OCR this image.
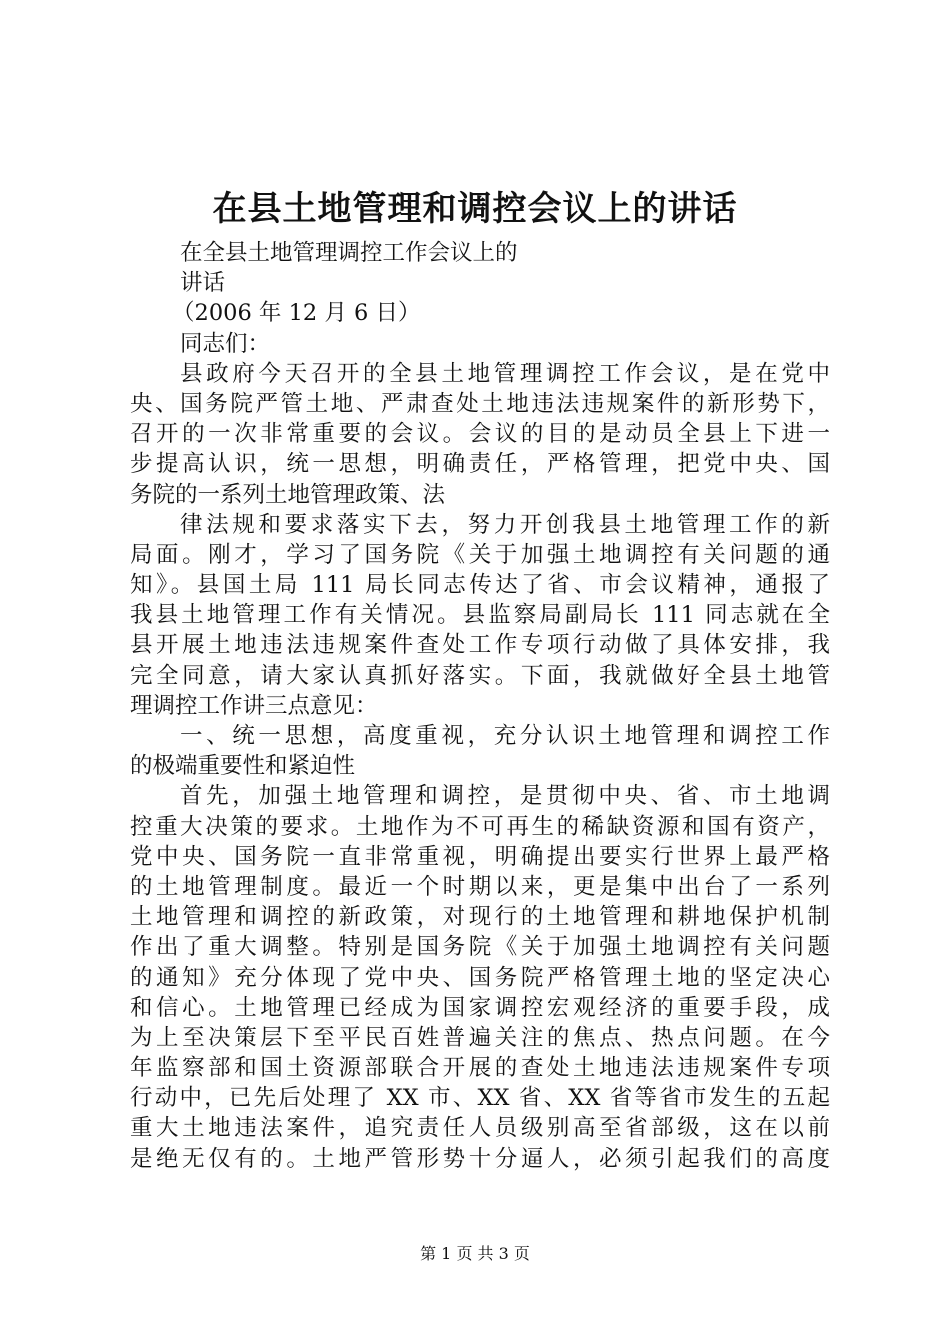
在县土地管理和调控会议上的讲话
在全县土地管理调控工作会议上的
讲话
（2006 年 12 月 6 日）
同志们：
县政府今天召开的全县土地管理调控工作会议，是在党中
央、国务院严管土地、严肃查处土地违法违规案件的新形势下，
召开的一次非常重要的会议。会议的目的是动员全县上下进一
步提高认识，统一思想，明确责任，严格管理，把党中央、国
务院的一系列土地管理政策、法
律法规和要求落实下去，努力开创我县土地管理工作的新
局面。刚才，学习了国务院《关于加强土地调控有关问题的通
知》。县国土局 111 局长同志传达了省、市会议精神，通报了
我县土地管理工作有关情况。县监察局副局长 111 同志就在全
县开展土地违法违规案件查处工作专项行动做了具体安排，我
完全同意，请大家认真抓好落实。下面，我就做好全县土地管
理调控工作讲三点意见：
一、统一思想，高度重视，充分认识土地管理和调控工作
的极端重要性和紧迫性
首先，加强土地管理和调控，是贯彻中央、省、市土地调
控重大决策的要求。土地作为不可再生的稀缺资源和国有资产，
党中央、国务院一直非常重视，明确提出要实行世界上最严格
的土地管理制度。最近一个时期以来，更是集中出台了一系列
土地管理和调控的新政策，对现行的土地管理和耕地保护机制
作出了重大调整。特别是国务院《关于加强土地调控有关问题
的通知》充分体现了党中央、国务院严格管理土地的坚定决心
和信心。土地管理已经成为国家调控宏观经济的重要手段，成
为上至决策层下至平民百姓普遍关注的焦点、热点问题。在今
年监察部和国土资源部联合开展的查处土地违法违规案件专项
行动中，已先后处理了 XX 市、XX 省、XX 省等省市发生的五起
重大土地违法案件，追究责任人员级别高至省部级，这在以前
是绝无仅有的。土地严管形势十分逼人，必须引起我们的高度
第 1 页 共 3 页
